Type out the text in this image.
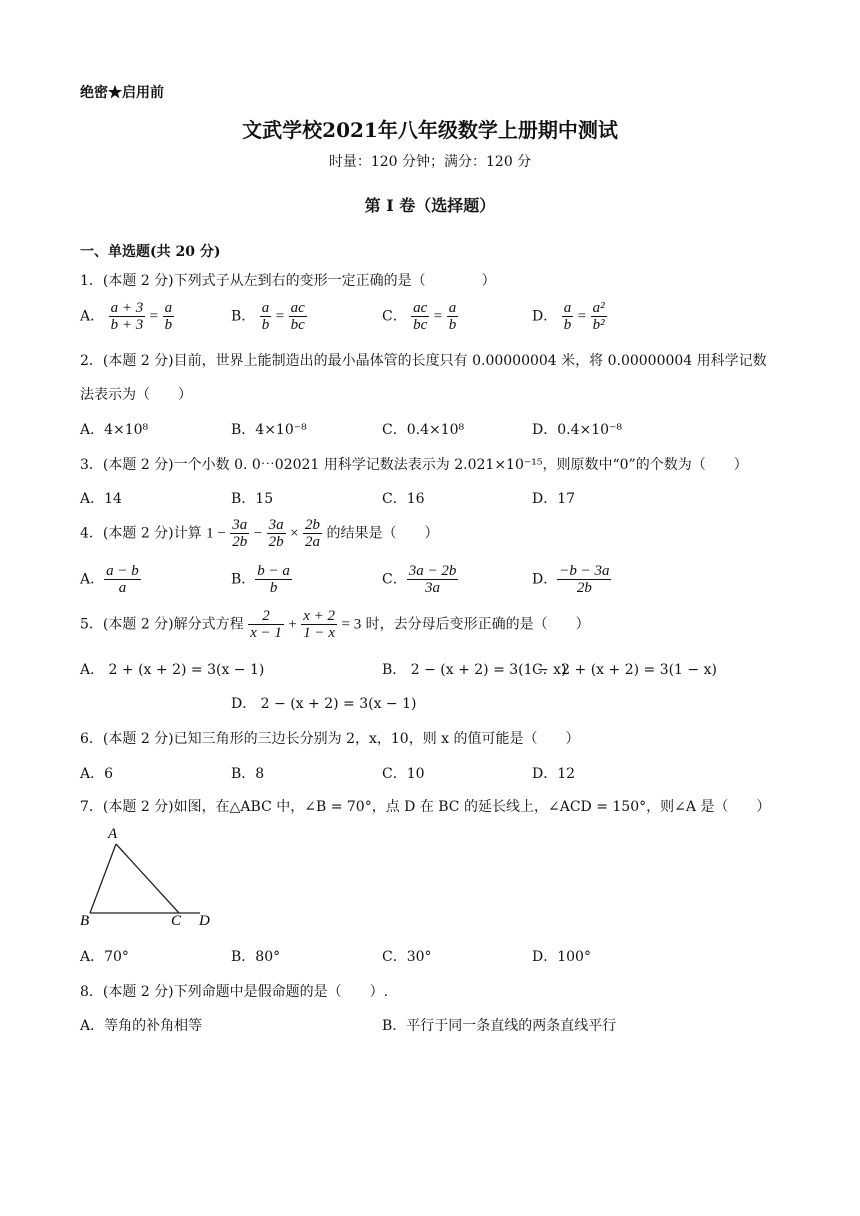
绝密★启用前
文武学校2021年八年级数学上册期中测试
时量：120 分钟；满分：120 分
第 I 卷（选择题）
一、单选题(共 20 分)
1．(本题 2 分)下列式子从左到右的变形一定正确的是（　　　　）
A． $\frac{a + 3}{b + 3} = \frac{a}{b}$	B． $\frac{a}{b} = \frac{ac}{bc}$	C． $\frac{ac}{bc} = \frac{a}{b}$	D． $\frac{a}{b} = \frac{\text{a²}}{\text{b²}}$
2．(本题 2 分)目前，世界上能制造出的最小晶体管的长度只有 0.00000004 米，将 0.00000004 用科学记数
法表示为（　　）
A．4×10⁸	B．4×10⁻⁸	C．0.4×10⁸	D．0.4×10⁻⁸
3．(本题 2 分)一个小数 0. 0⋯02021 用科学记数法表示为 2.021×10⁻¹⁵，则原数中“0”的个数为（　　）
A．14	B．15	C．16	D．17
4．(本题 2 分)计算 $1 - \frac{3a}{2b} - \frac{3a}{2b} \times \frac{2b}{2a}$ 的结果是（　　）
A． $\frac{a - b}{a}$	B． $\frac{b - a}{b}$	C． $\frac{3a - 2b}{3a}$	D． $\frac{-b - 3a}{2b}$
5．(本题 2 分)解分式方程 $\frac{2}{x - 1} + \frac{x + 2}{1 - x} = 3$ 时，去分母后变形正确的是（　　）
A． 2 + (x + 2) = 3(x − 1)	B． 2 − (x + 2) = 3(1 − x)
C． 2 + (x + 2) = 3(1 − x)
D． 2 − (x + 2) = 3(x − 1)
6．(本题 2 分)已知三角形的三边长分别为 2，x，10，则 x 的值可能是（　　）
A．6	B．8	C．10	D．12
7．(本题 2 分)如图，在△ABC 中，∠B = 70°，点 D 在 BC 的延长线上，∠ACD = 150°，则∠A 是（　　）
A
B	C D
A．70°	B．80°	C．30°	D．100°
8．(本题 2 分)下列命题中是假命题的是（　　）.
A．等角的补角相等	B．平行于同一条直线的两条直线平行
